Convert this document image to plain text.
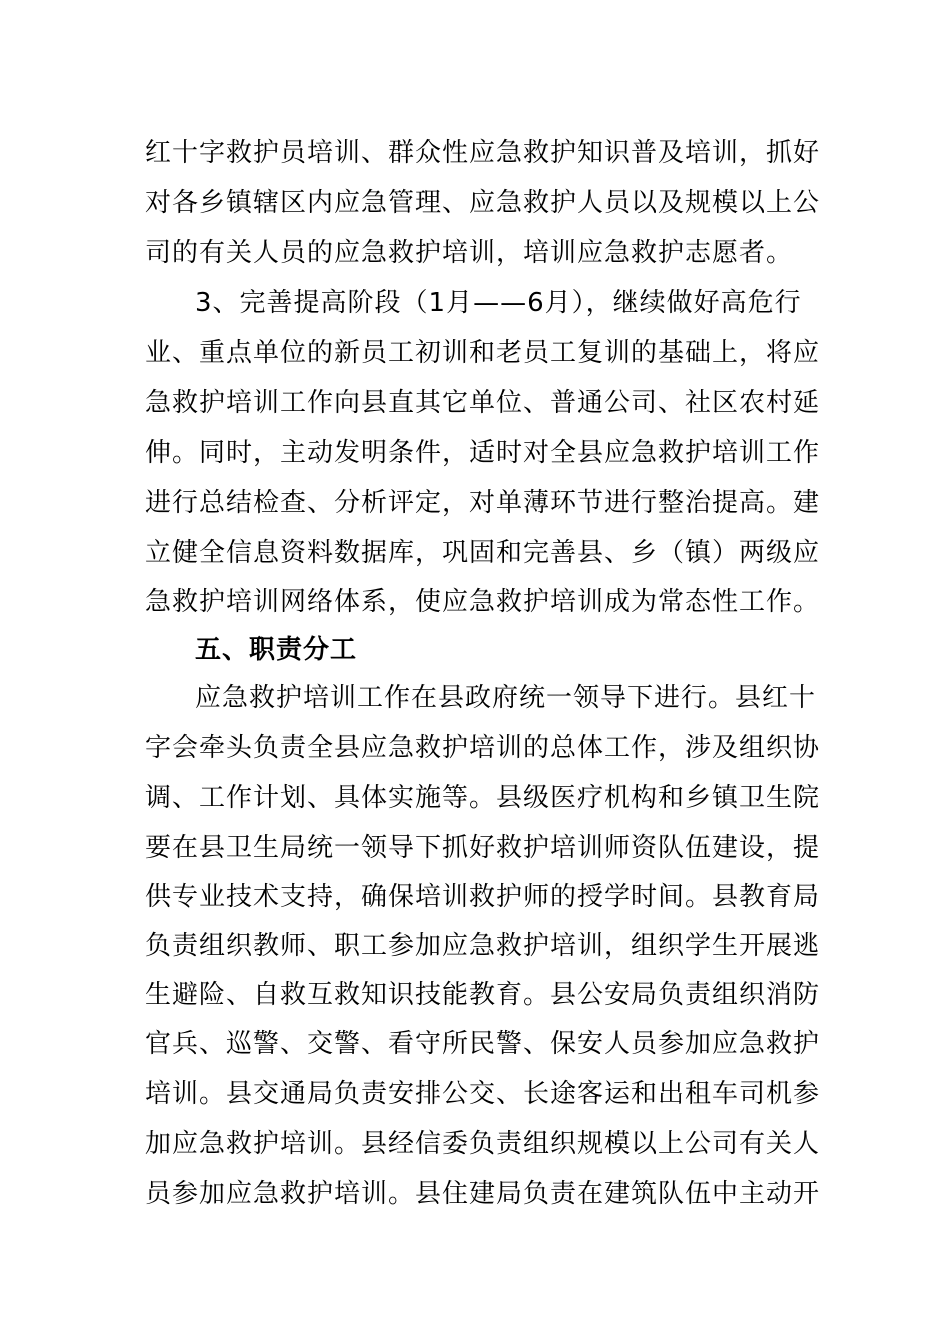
红十字救护员培训、群众性应急救护知识普及培训，抓好
对各乡镇辖区内应急管理、应急救护人员以及规模以上公
司的有关人员的应急救护培训，培训应急救护志愿者。
3、完善提高阶段（1月——6月），继续做好高危行
业、重点单位的新员工初训和老员工复训的基础上，将应
急救护培训工作向县直其它单位、普通公司、社区农村延
伸。同时，主动发明条件，适时对全县应急救护培训工作
进行总结检查、分析评定，对单薄环节进行整治提高。建
立健全信息资料数据库，巩固和完善县、乡（镇）两级应
急救护培训网络体系，使应急救护培训成为常态性工作。
五、职责分工
应急救护培训工作在县政府统一领导下进行。县红十
字会牵头负责全县应急救护培训的总体工作，涉及组织协
调、工作计划、具体实施等。县级医疗机构和乡镇卫生院
要在县卫生局统一领导下抓好救护培训师资队伍建设，提
供专业技术支持，确保培训救护师的授学时间。县教育局
负责组织教师、职工参加应急救护培训，组织学生开展逃
生避险、自救互救知识技能教育。县公安局负责组织消防
官兵、巡警、交警、看守所民警、保安人员参加应急救护
培训。县交通局负责安排公交、长途客运和出租车司机参
加应急救护培训。县经信委负责组织规模以上公司有关人
员参加应急救护培训。县住建局负责在建筑队伍中主动开
